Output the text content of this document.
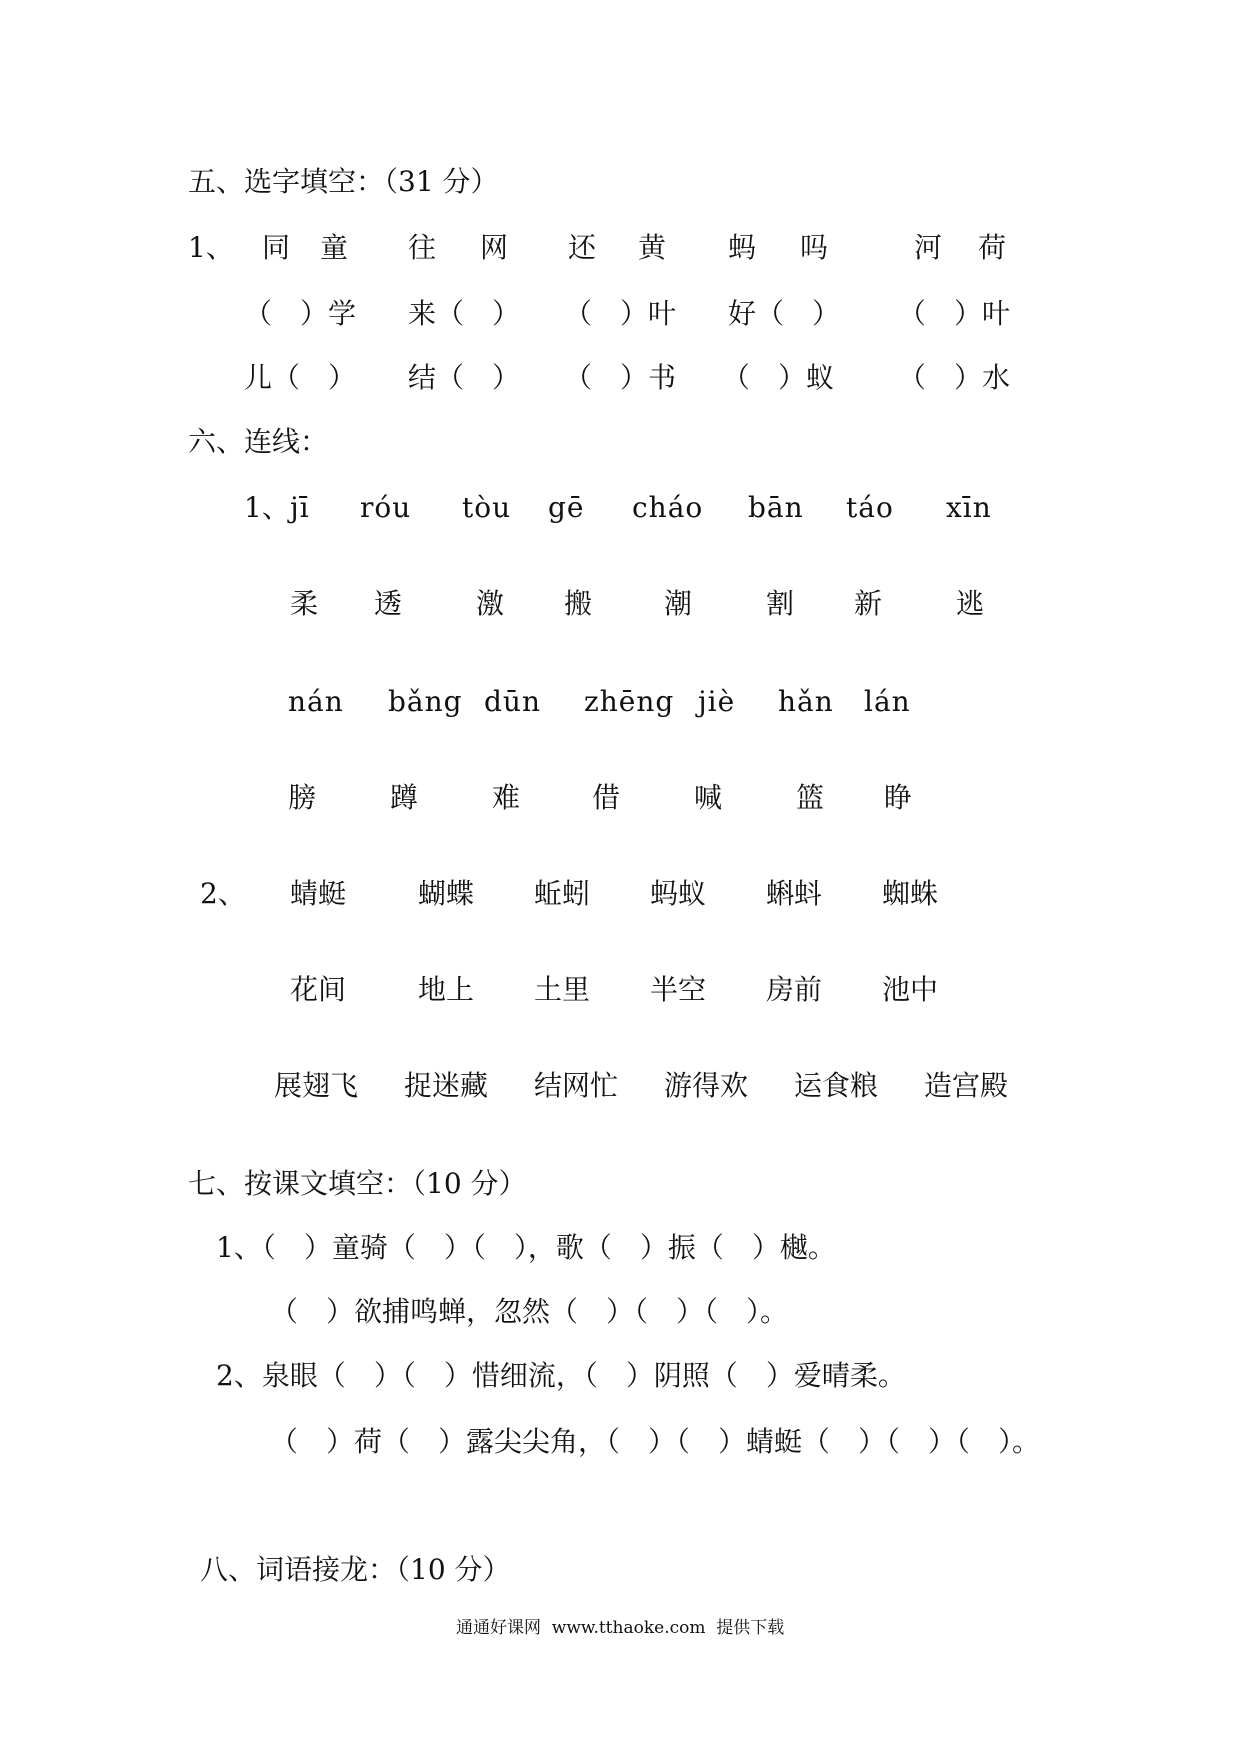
五、选字填空：（31 分）
1、 同 童 往 网 还 黄 蚂 吗	河 荷
（　）学 来（　） （　）叶 好（　） （　）叶
儿（　） 结（　） （　）书 （　）蚁 （　）水
六、连线：
1、 jī róu tòu gē cháo bān táo xīn
柔 透	激 搬	潮	割 新	逃
nán bǎng dūn zhēng jiè hǎn lán
膀	蹲	难	借	喊	篮 睁
2、 蜻蜓	蝴蝶 蚯蚓 蚂蚁 蝌蚪 蜘蛛
花间	地上 土里 半空 房前 池中
展翅飞 捉迷藏 结网忙 游得欢 运食粮 造宫殿
七、按课文填空：（10 分）
1、（　）童骑（　）（　），歌（　）振（　）樾。
（　）欲捕鸣蝉，忽然（　）（　）（　）。
2、泉眼（　）（　）惜细流，（　）阴照（　）爱晴柔。
（　）荷（　）露尖尖角，（　）（　）蜻蜓（　）（　）（　）。
八、词语接龙：（10 分）
通通好课网  www.tthaoke.com  提供下载
